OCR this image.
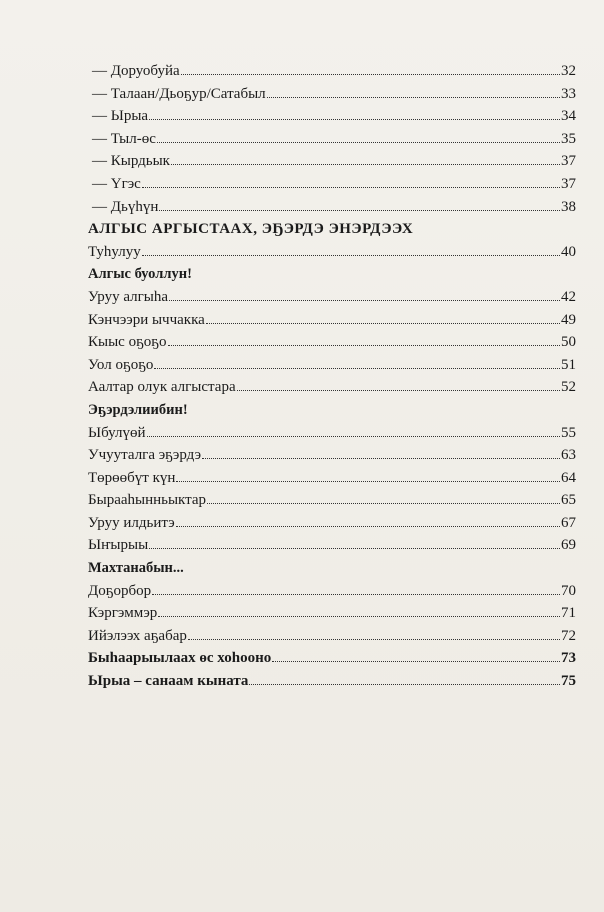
— Доруобуйа	32
— Талаан/Дьоҕур/Сатабыл	33
— Ырыа	34
— Тыл-өс	35
— Кырдьык	37
— Үгэс	37
— Дьүһүн	38
АЛГЫС АРГЫСТААХ, ЭҔЭРДЭ ЭНЭРДЭЭХ
Туһулуу	40
Алгыс буоллун!
Уруу алгыһа	42
Кэнчээри ыччакка	49
Кыыс оҕоҕо	50
Уол оҕоҕо	51
Аалтар олук алгыстара	52
Эҕэрдэлиибин!
Ыбулүөй	55
Учууталга эҕэрдэ	63
Төрөөбүт күн	64
Бырааһынньыктар	65
Уруу илдьитэ	67
Ыҥырыы	69
Махтанабын...
Доҕорбор	70
Кэргэммэр	71
Ийэлээх аҕабар	72
Быһаарыылаах өс хоһооно	73
Ырыа – санаам кыната	75
